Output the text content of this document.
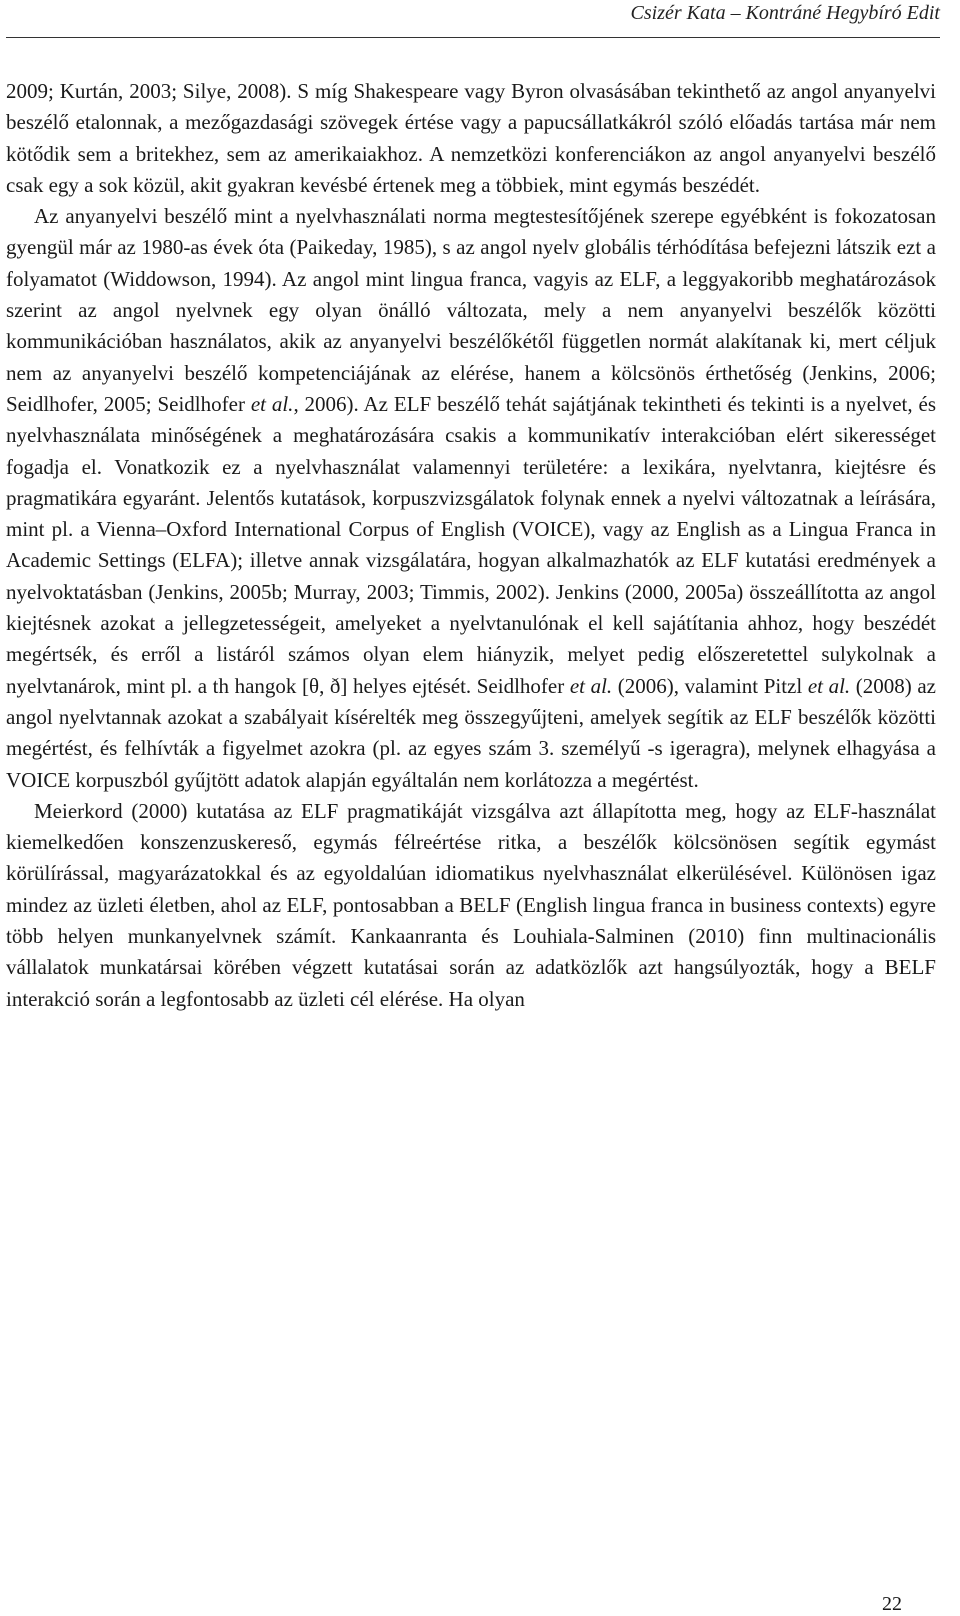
Csizér Kata – Kontráné Hegybíró Edit

2009; Kurtán, 2003; Silye, 2008). S míg Shakespeare vagy Byron olvasásában tekinthető az angol anyanyelvi beszélő etalonnak, a mezőgazdasági szövegek értése vagy a papucsállatkákról szóló előadás tartása már nem kötődik sem a britekhez, sem az amerikaiakhoz. A nemzetközi konferenciákon az angol anyanyelvi beszélő csak egy a sok közül, akit gyakran kevésbé értenek meg a többiek, mint egymás beszédét.

Az anyanyelvi beszélő mint a nyelvhasználati norma megtestesítőjének szerepe egyébként is fokozatosan gyengül már az 1980-as évek óta (Paikeday, 1985), s az angol nyelv globális térhódítása befejezni látszik ezt a folyamatot (Widdowson, 1994). Az angol mint lingua franca, vagyis az ELF, a leggyakoribb meghatározások szerint az angol nyelvnek egy olyan önálló változata, mely a nem anyanyelvi beszélők közötti kommunikációban használatos, akik az anyanyelvi beszélőkétől független normát alakítanak ki, mert céljuk nem az anyanyelvi beszélő kompetenciájának az elérése, hanem a kölcsönös érthetőség (Jenkins, 2006; Seidlhofer, 2005; Seidlhofer et al., 2006). Az ELF beszélő tehát sajátjának tekintheti és tekinti is a nyelvet, és nyelvhasználata minőségének a meghatározására csakis a kommunikatív interakcióban elért sikerességet fogadja el. Vonatkozik ez a nyelvhasználat valamennyi területére: a lexikára, nyelvtanra, kiejtésre és pragmatikára egyaránt. Jelentős kutatások, korpuszvizsgálatok folynak ennek a nyelvi változatnak a leírására, mint pl. a Vienna–Oxford International Corpus of English (VOICE), vagy az English as a Lingua Franca in Academic Settings (ELFA); illetve annak vizsgálatára, hogyan alkalmazhatók az ELF kutatási eredmények a nyelvoktatásban (Jenkins, 2005b; Murray, 2003; Timmis, 2002). Jenkins (2000, 2005a) összeállította az angol kiejtésnek azokat a jellegzetességeit, amelyeket a nyelvtanulónak el kell sajátítania ahhoz, hogy beszédét megértsék, és erről a listáról számos olyan elem hiányzik, melyet pedig előszeretettel sulykolnak a nyelvtanárok, mint pl. a th hangok [θ, ð] helyes ejtését. Seidlhofer et al. (2006), valamint Pitzl et al. (2008) az angol nyelvtannak azokat a szabályait kísérelték meg összegyűjteni, amelyek segítik az ELF beszélők közötti megértést, és felhívták a figyelmet azokra (pl. az egyes szám 3. személyű -s igeragra), melynek elhagyása a VOICE korpuszból gyűjtött adatok alapján egyáltalán nem korlátozza a megértést.

Meierkord (2000) kutatása az ELF pragmatikáját vizsgálva azt állapította meg, hogy az ELF-használat kiemelkedően konszenzuskereső, egymás félreértése ritka, a beszélők kölcsönösen segítik egymást körülírással, magyarázatokkal és az egyoldalúan idiomatikus nyelvhasználat elkerülésével. Különösen igaz mindez az üzleti életben, ahol az ELF, pontosabban a BELF (English lingua franca in business contexts) egyre több helyen munkanyelvnek számít. Kankaanranta és Louhiala-Salminen (2010) finn multinacionális vállalatok munkatársai körében végzett kutatásai során az adatközlők azt hangsúlyozták, hogy a BELF interakció során a legfontosabb az üzleti cél elérése. Ha olyan

22
